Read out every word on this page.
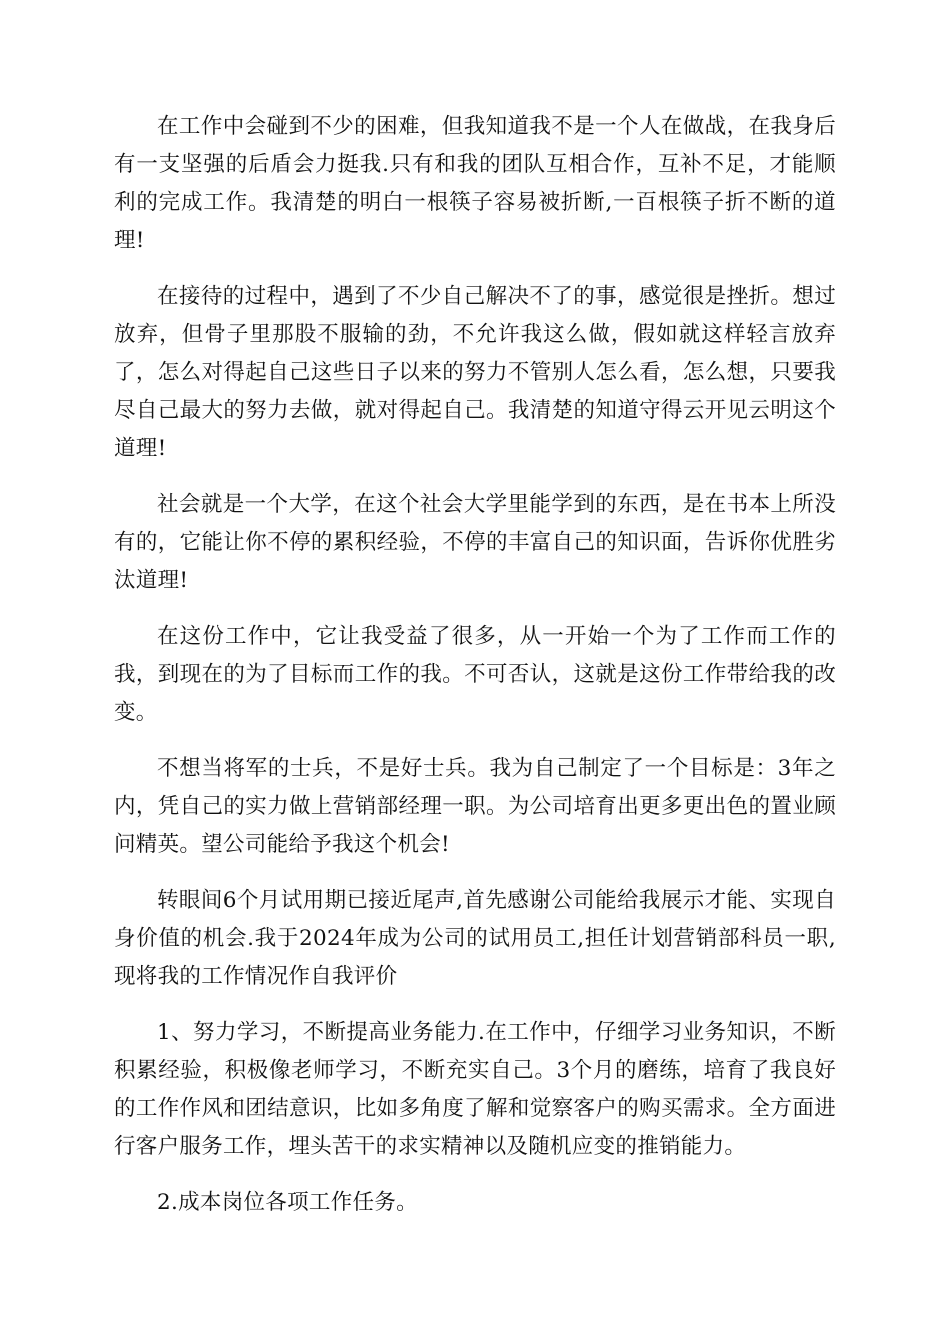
在工作中会碰到不少的困难，但我知道我不是一个人在做战，在我身后有一支坚强的后盾会力挺我.只有和我的团队互相合作，互补不足，才能顺利的完成工作。我清楚的明白一根筷子容易被折断,一百根筷子折不断的道理!

在接待的过程中，遇到了不少自己解决不了的事，感觉很是挫折。想过放弃，但骨子里那股不服输的劲，不允许我这么做，假如就这样轻言放弃了，怎么对得起自己这些日子以来的努力不管别人怎么看，怎么想，只要我尽自己最大的努力去做，就对得起自己。我清楚的知道守得云开见云明这个道理!

社会就是一个大学，在这个社会大学里能学到的东西，是在书本上所没有的，它能让你不停的累积经验，不停的丰富自己的知识面，告诉你优胜劣汰道理!

在这份工作中，它让我受益了很多，从一开始一个为了工作而工作的我，到现在的为了目标而工作的我。不可否认，这就是这份工作带给我的改变。

不想当将军的士兵，不是好士兵。我为自己制定了一个目标是：3年之内，凭自己的实力做上营销部经理一职。为公司培育出更多更出色的置业顾问精英。望公司能给予我这个机会!

转眼间6个月试用期已接近尾声,首先感谢公司能给我展示才能、实现自身价值的机会.我于2024年成为公司的试用员工,担任计划营销部科员一职,现将我的工作情况作自我评价

1、努力学习，不断提高业务能力.在工作中，仔细学习业务知识，不断积累经验，积极像老师学习，不断充实自己。3个月的磨练，培育了我良好的工作作风和团结意识，比如多角度了解和觉察客户的购买需求。全方面进行客户服务工作，埋头苦干的求实精神以及随机应变的推销能力。

2.成本岗位各项工作任务。
